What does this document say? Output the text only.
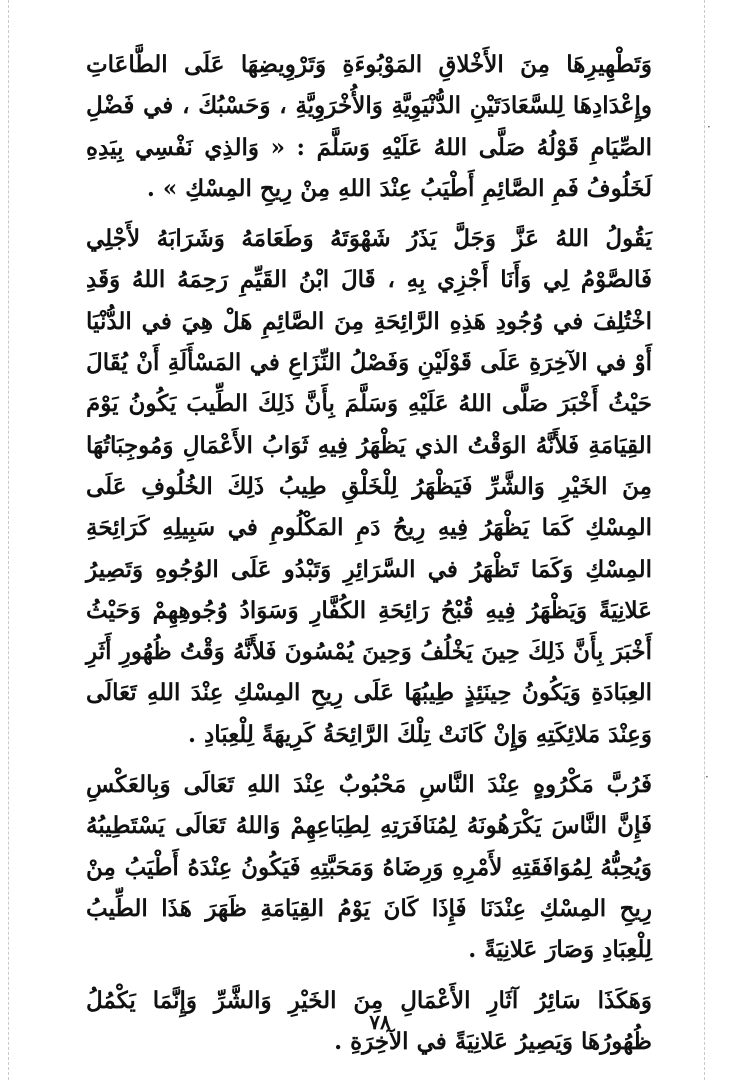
·
·

وَتَطْهِيرِهَا مِنَ الأَخْلاقِ المَوْبُوءَةِ وَتَرْوِيضِهَا عَلَى الطَّاعَاتِ وإِعْدَادِهَا لِلسَّعَادَتَيْنِ الدُّنْيَوِيَّةِ وَالأُخْرَوِيَّةِ ، وَحَسْبُكَ ، في فَضْلِ الصِّيَامِ قَوْلُهُ صَلَّى اللهُ عَلَيْهِ وَسَلَّمَ : « وَالذِي نَفْسِي بِيَدِهِ لَخَلُوفُ فَمِ الصَّائِمِ أَطْيَبُ عِنْدَ اللهِ مِنْ رِيحِ المِسْكِ » .

يَقُولُ اللهُ عَزَّ وَجَلَّ يَذَرُ شَهْوَتَهُ وَطَعَامَهُ وَشَرَابَهُ لأَجْلِي فَالصَّوْمُ لِي وَأَنَا أَجْزِي بِهِ ، قَالَ ابْنُ القَيِّمِ رَحِمَهُ اللهُ وَقَدِ اخْتُلِفَ في وُجُودِ هَذِهِ الرَّائِحَةِ مِنَ الصَّائِمِ هَلْ هِيَ في الدُّنْيَا أَوْ في الآخِرَةِ عَلَى قَوْلَيْنِ وَفَصْلُ النِّزَاعِ في المَسْأَلَةِ أَنْ يُقَالَ حَيْثُ أَخْبَرَ صَلَّى اللهُ عَلَيْهِ وَسَلَّمَ بِأَنَّ ذَلِكَ الطِّيبَ يَكُونُ يَوْمَ القِيَامَةِ فَلأَنَّهُ الوَقْتُ الذي يَظْهَرُ فِيهِ ثَوَابُ الأَعْمَالِ وَمُوجِبَاتُهَا مِنَ الخَيْرِ وَالشَّرِّ فَيَظْهَرُ لِلْخَلْقِ طِيبُ ذَلِكَ الخُلُوفِ عَلَى المِسْكِ كَمَا يَظْهَرُ فِيهِ رِيحُ دَمِ المَكْلُومِ في سَبِيلِهِ كَرَائِحَةِ المِسْكِ وَكَمَا تَظْهَرُ في السَّرَائِرِ وَتَبْدُو عَلَى الوُجُوهِ وَتَصِيرُ عَلانِيَةً وَيَظْهَرُ فِيهِ قُبْحُ رَائِحَةِ الكُفَّارِ وَسَوَادُ وُجُوهِهِمْ وَحَيْثُ أَخْبَرَ بِأَنَّ ذَلِكَ حِينَ يَخْلُفُ وَحِينَ يُمْسُونَ فَلأَنَّهُ وَقْتُ ظُهُورِ أَثَرِ العِبَادَةِ وَيَكُونُ حِينَئِذٍ طِيبُهَا عَلَى رِيحِ المِسْكِ عِنْدَ اللهِ تَعَالَى وَعِنْدَ مَلائِكَتِهِ وَإِنْ كَانَتْ تِلْكَ الرَّائِحَةُ كَرِيهَةً لِلْعِبَادِ .

فَرُبَّ مَكْرُوهٍ عِنْدَ النَّاسِ مَحْبُوبٌ عِنْدَ اللهِ تَعَالَى وَبِالعَكْسِ فَإِنَّ النَّاسَ يَكْرَهُونَهُ لِمُنَافَرَتِهِ لِطِبَاعِهِمْ وَاللهُ تَعَالَى يَسْتَطِيبُهُ وَيُحِبُّهُ لِمُوَافَقَتِهِ لأَمْرِهِ وَرِضَاهُ وَمَحَبَّتِهِ فَيَكُونُ عِنْدَهُ أَطْيَبُ مِنْ رِيحِ المِسْكِ عِنْدَنَا فَإِذَا كَانَ يَوْمُ القِيَامَةِ ظَهَرَ هَذَا الطِّيبُ لِلْعِبَادِ وَصَارَ عَلانِيَةً .

وَهَكَذَا سَائِرُ آثَارِ الأَعْمَالِ مِنَ الخَيْرِ وَالشَّرِّ وَإِنَّمَا يَكْمُلُ ظُهُورُهَا وَيَصِيرُ عَلانِيَةً في الآخِرَةِ .

٧٨
